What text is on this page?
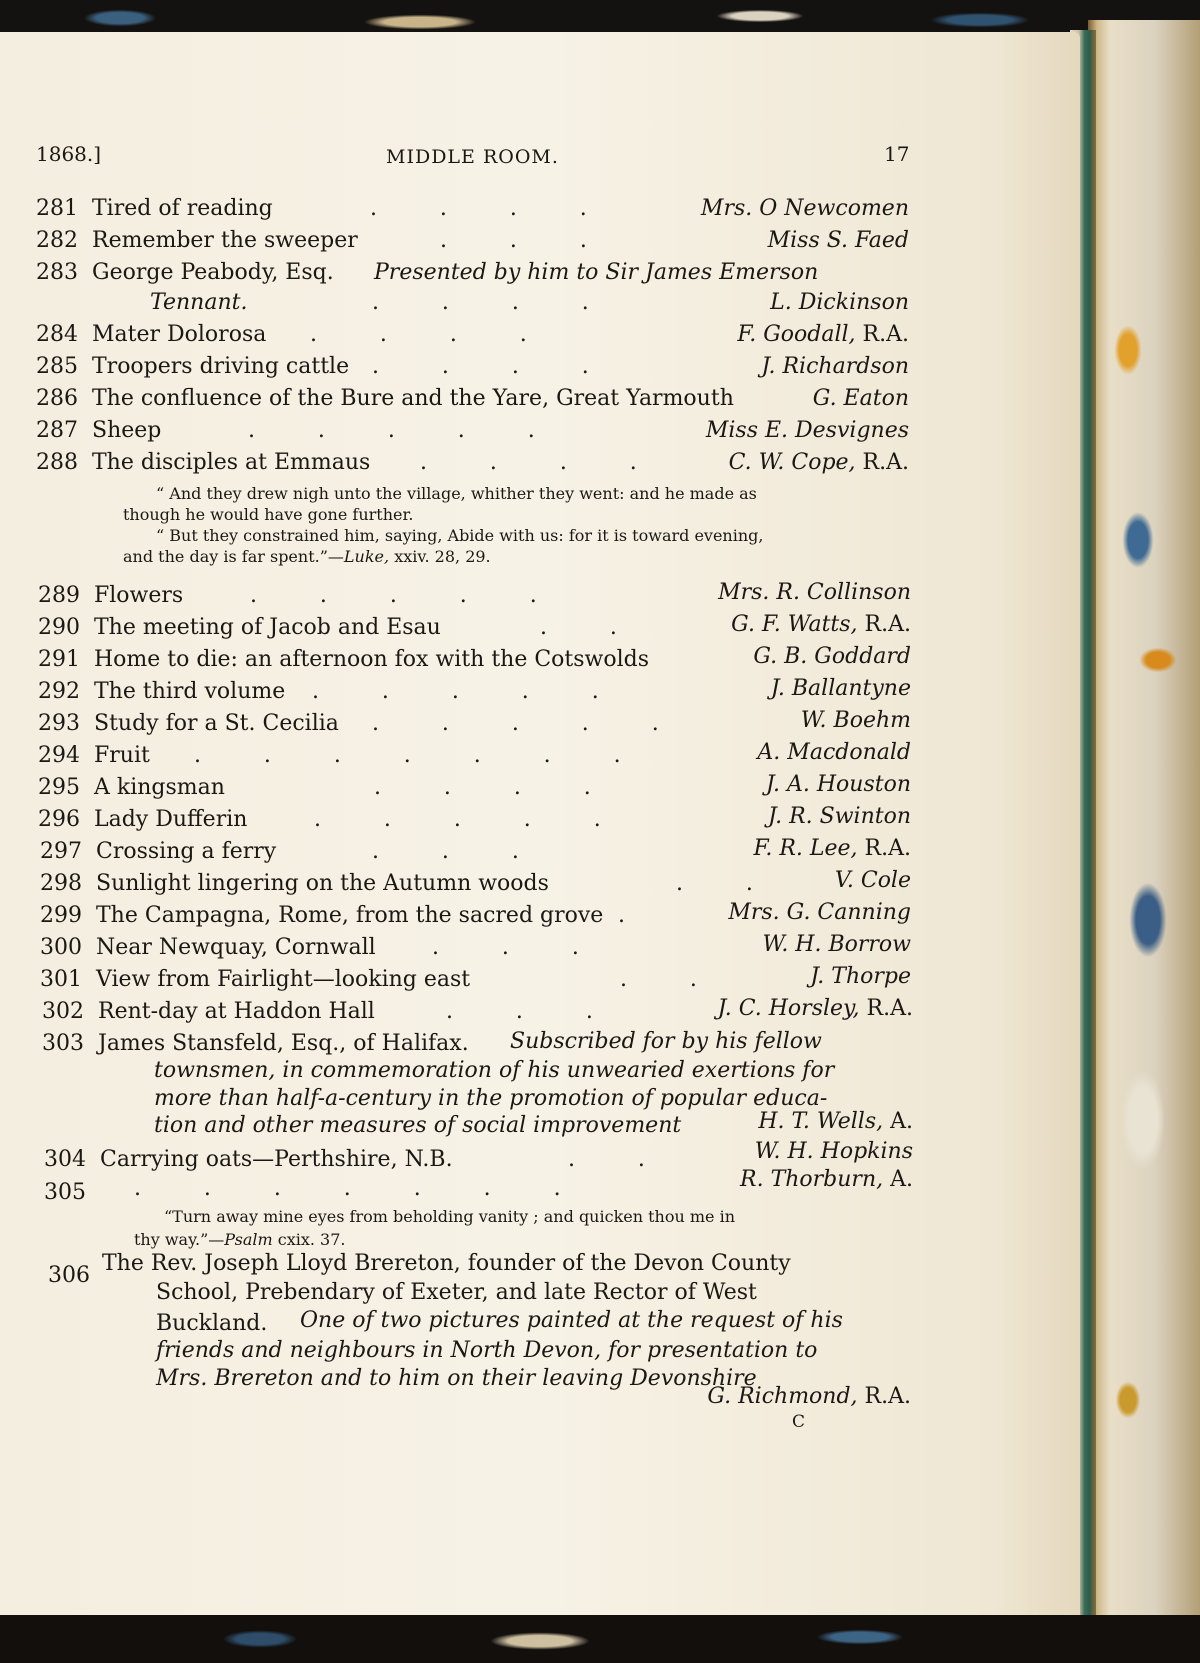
1868.]	MIDDLE ROOM.	17
281 Tired of reading	.         .         .         .	Mrs. O Newcomen
282 Remember the sweeper	.         .         .	Miss S. Faed
283 George Peabody, Esq. Presented by him to Sir James Emerson
Tennant.	.         .         .         .	L. Dickinson
284 Mater Dolorosa .         .         .         .	F. Goodall, R.A.
285 Troopers driving cattle .         .         .         .	J. Richardson
286 The confluence of the Bure and the Yare, Great Yarmouth	G. Eaton
287 Sheep	.         .         .         .         .	Miss E. Desvignes
288 The disciples at Emmaus .         .         .         .	C. W. Cope, R.A.
“ And they drew nigh unto the village, whither they went: and he made as
though he would have gone further.
“ But they constrained him, saying, Abide with us: for it is toward evening,
and the day is far spent.”—Luke, xxiv. 28, 29.
289 Flowers	.         .         .         .         .	Mrs. R. Collinson
290 The meeting of Jacob and Esau	.         .	G. F. Watts, R.A.
291 Home to die: an afternoon fox with the Cotswolds	G. B. Goddard
292 The third volume .         .         .         .         .	J. Ballantyne
293 Study for a St. Cecilia .         .         .         .         .	W. Boehm
294 Fruit .         .         .         .         .         .         .	A. Macdonald
295 A kingsman	.         .         .         .	J. A. Houston
296 Lady Dufferin	.         .         .         .         .	J. R. Swinton
297 Crossing a ferry	.         .         .	F. R. Lee, R.A.
298 Sunlight lingering on the Autumn woods	.         .	V. Cole
299 The Campagna, Rome, from the sacred grove .	Mrs. G. Canning
300 Near Newquay, Cornwall	.         .         .	W. H. Borrow
301 View from Fairlight—looking east	.         .	J. Thorpe
302 Rent-day at Haddon Hall	.         .         .	J. C. Horsley, R.A.
303 James Stansfeld, Esq., of Halifax. Subscribed for by his fellow
townsmen, in commemoration of his unwearied exertions for
more than half-a-century in the promotion of popular educa-
tion and other measures of social improvement	H. T. Wells, A.
304 Carrying oats—Perthshire, N.B.	.         .	W. H. Hopkins
305 .         .         .         .         .         .         .	R. Thorburn, A.
“Turn away mine eyes from beholding vanity ; and quicken thou me in
thy way.”—Psalm cxix. 37.
306 The Rev. Joseph Lloyd Brereton, founder of the Devon County
School, Prebendary of Exeter, and late Rector of West
Buckland. One of two pictures painted at the request of his
friends and neighbours in North Devon, for presentation to
Mrs. Brereton and to him on their leaving Devonshire
G. Richmond, R.A.
C
